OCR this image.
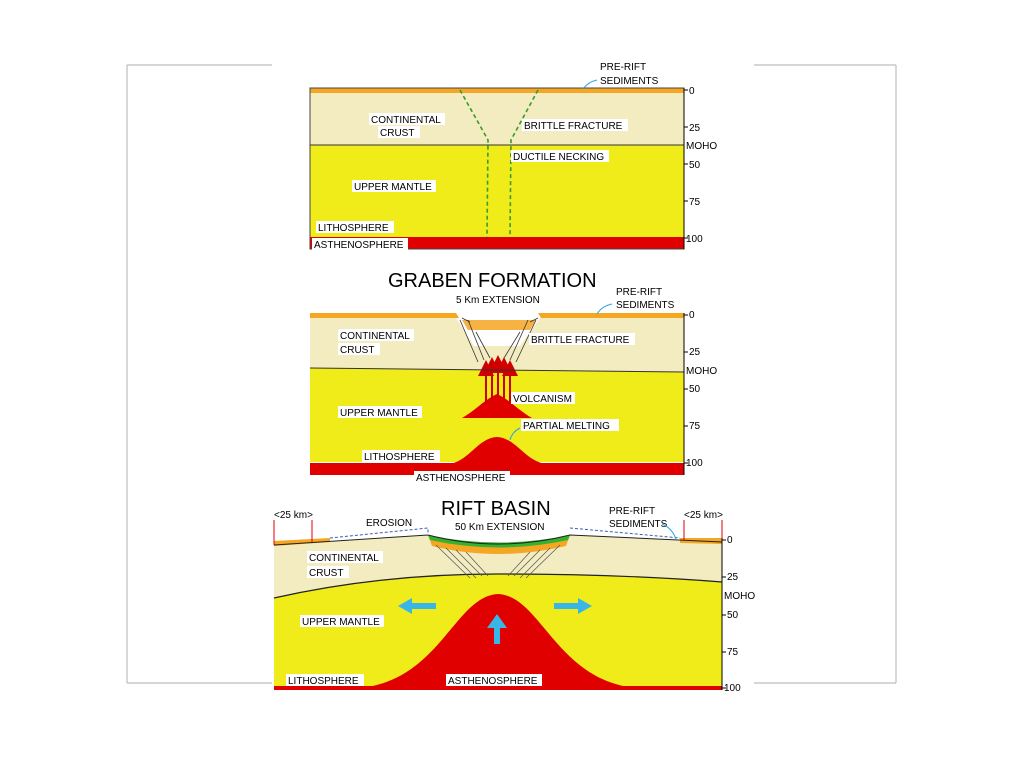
PRE-RIFT
SEDIMENTS
CONTINENTAL
CRUST
BRITTLE FRACTURE
DUCTILE NECKING
UPPER MANTLE
LITHOSPHERE
ASTHENOSPHERE
0
25
MOHO
50
75
100
GRABEN FORMATION
5 Km EXTENSION
PRE-RIFT
SEDIMENTS
CONTINENTAL
CRUST
BRITTLE FRACTURE
VOLCANISM
UPPER MANTLE
PARTIAL MELTING
LITHOSPHERE
ASTHENOSPHERE
0
25
MOHO
50
75
100
RIFT BASIN
50 Km EXTENSION
<25 km>	<25 km>
EROSION
PRE-RIFT
SEDIMENTS
CONTINENTAL
CRUST
UPPER MANTLE
LITHOSPHERE	ASTHENOSPHERE
0
25
MOHO
50
75
100
